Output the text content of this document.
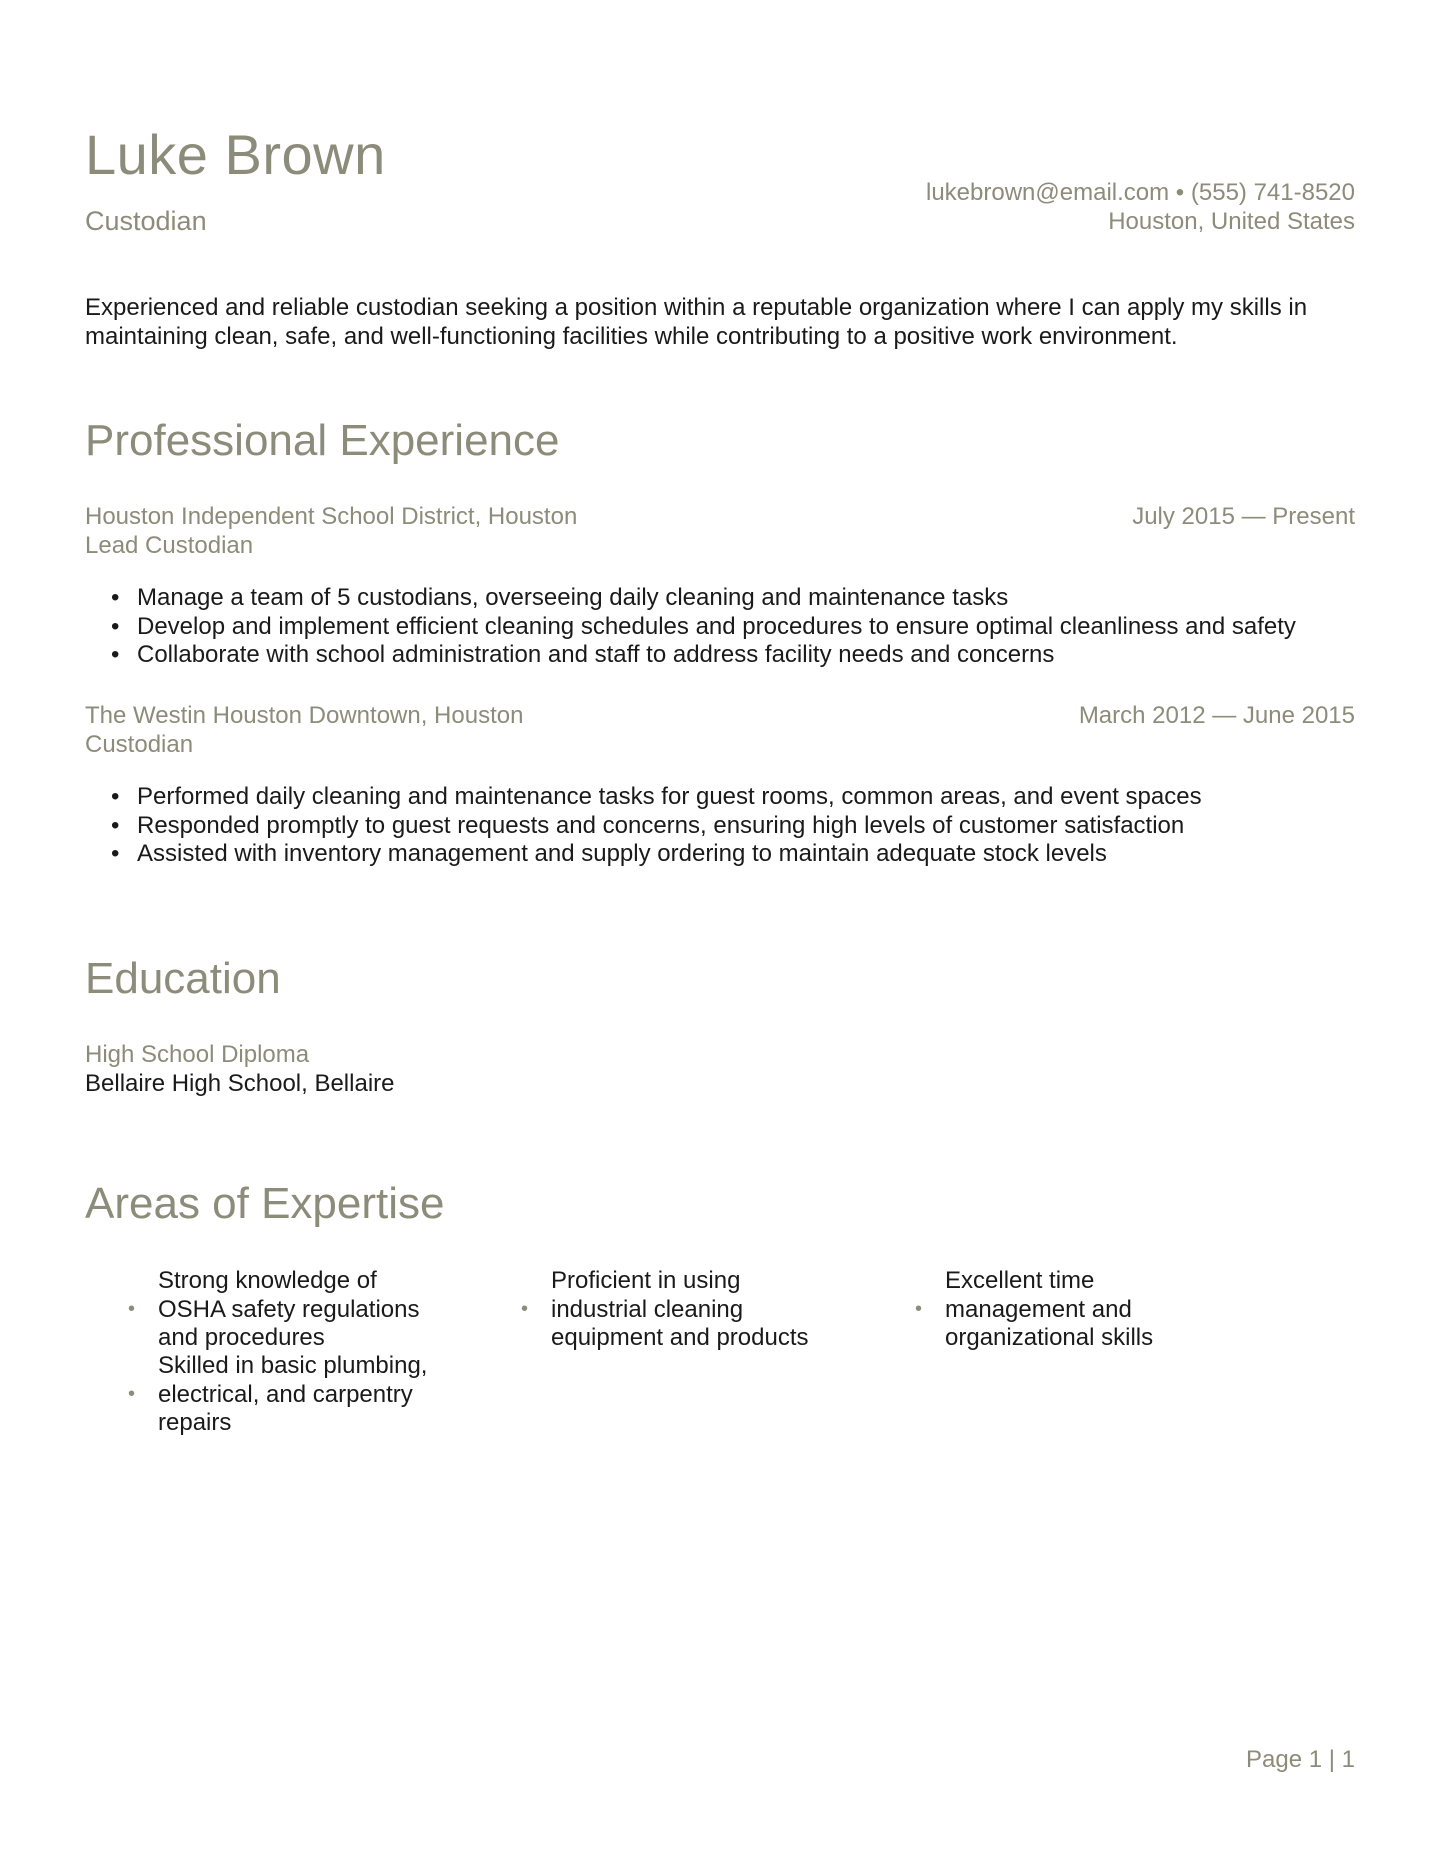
Luke Brown
Custodian
lukebrown@email.com • (555) 741-8520
Houston, United States
Experienced and reliable custodian seeking a position within a reputable organization where I can apply my skills in maintaining clean, safe, and well-functioning facilities while contributing to a positive work environment.
Professional Experience
Houston Independent School District, Houston
Lead Custodian
July 2015 — Present
• Manage a team of 5 custodians, overseeing daily cleaning and maintenance tasks
• Develop and implement efficient cleaning schedules and procedures to ensure optimal cleanliness and safety
• Collaborate with school administration and staff to address facility needs and concerns
The Westin Houston Downtown, Houston
Custodian
March 2012 — June 2015
• Performed daily cleaning and maintenance tasks for guest rooms, common areas, and event spaces
• Responded promptly to guest requests and concerns, ensuring high levels of customer satisfaction
• Assisted with inventory management and supply ordering to maintain adequate stock levels
Education
High School Diploma
Bellaire High School, Bellaire
Areas of Expertise
•
Strong knowledge of OSHA safety regulations and procedures
•
Proficient in using industrial cleaning equipment and products
•
Excellent time management and organizational skills
•
Skilled in basic plumbing, electrical, and carpentry repairs
Page 1 | 1
